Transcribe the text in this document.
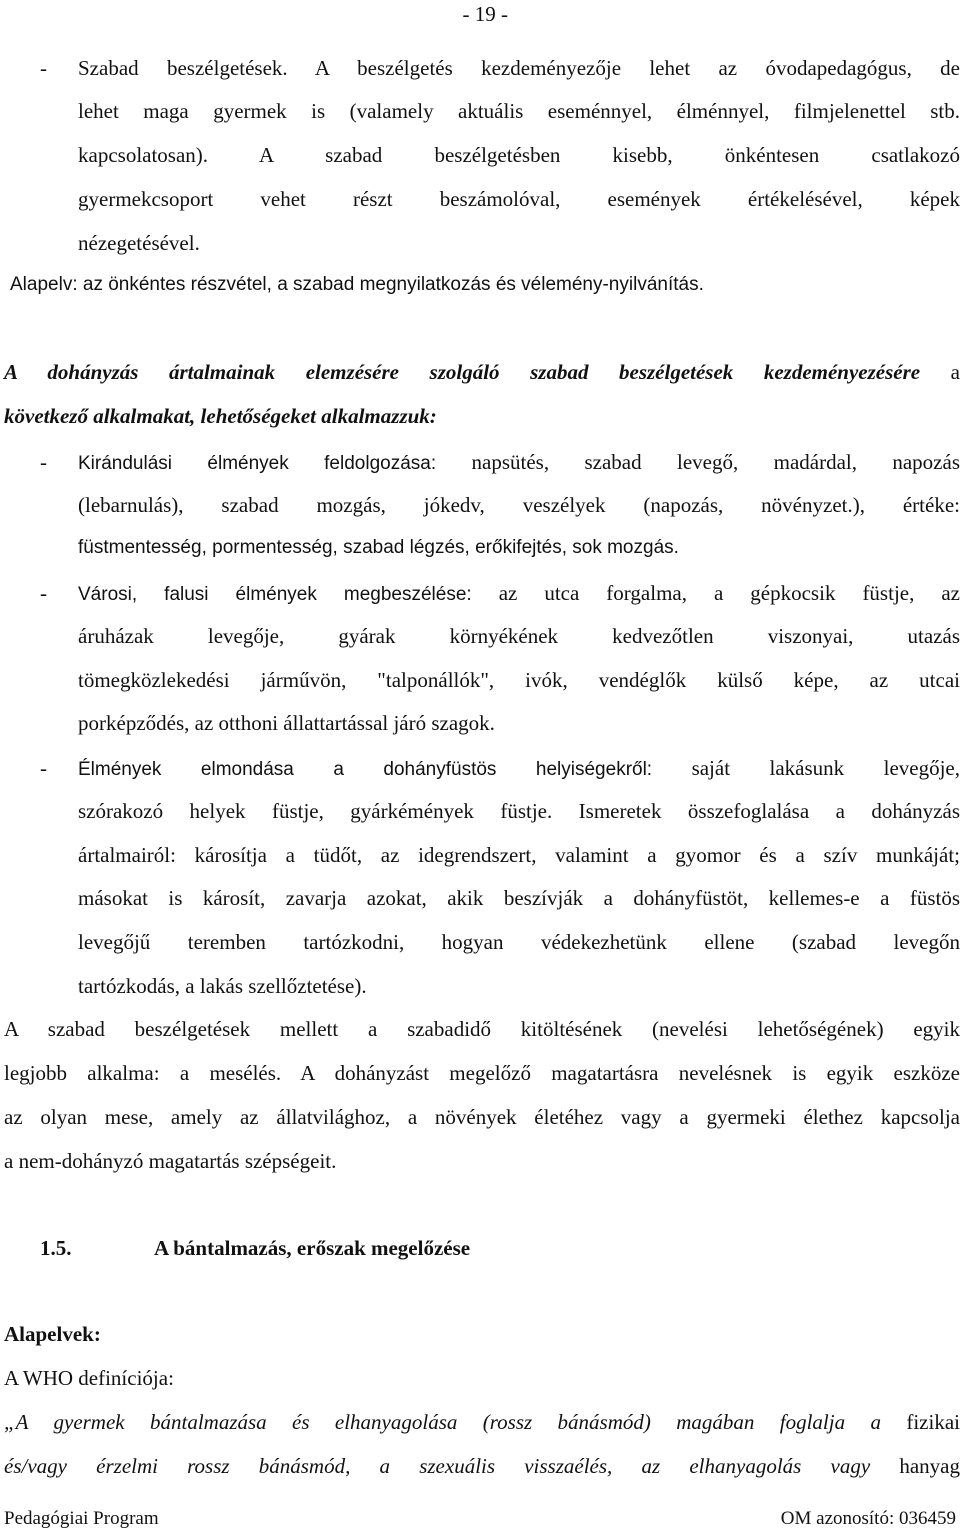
- 19 -
- Szabad beszélgetések. A beszélgetés kezdeményezője lehet az óvodapedagógus, de
lehet maga gyermek is (valamely aktuális eseménnyel, élménnyel, filmjelenettel stb.
kapcsolatosan). A szabad beszélgetésben kisebb, önkéntesen csatlakozó
gyermekcsoport vehet részt beszámolóval, események értékelésével, képek
nézegetésével.
Alapelv: az önkéntes részvétel, a szabad megnyilatkozás és vélemény-nyilvánítás.
A dohányzás ártalmainak elemzésére szolgáló szabad beszélgetések kezdeményezésére a
következő alkalmakat, lehetőségeket alkalmazzuk:
- Kirándulási élmények feldolgozása: napsütés, szabad levegő, madárdal, napozás
(lebarnulás), szabad mozgás, jókedv, veszélyek (napozás, növényzet.), értéke:
füstmentesség, pormentesség, szabad légzés, erőkifejtés, sok mozgás.
- Városi, falusi élmények megbeszélése: az utca forgalma, a gépkocsik füstje, az
áruházak levegője, gyárak környékének kedvezőtlen viszonyai, utazás
tömegközlekedési járművön, "talponállók", ivók, vendéglők külső képe, az utcai
porképződés, az otthoni állattartással járó szagok.
- Élmények elmondása a dohányfüstös helyiségekről: saját lakásunk levegője,
szórakozó helyek füstje, gyárkémények füstje. Ismeretek összefoglalása a dohányzás
ártalmairól: károsítja a tüdőt, az idegrendszert, valamint a gyomor és a szív munkáját;
másokat is károsít, zavarja azokat, akik beszívják a dohányfüstöt, kellemes-e a füstös
levegőjű teremben tartózkodni, hogyan védekezhetünk ellene (szabad levegőn
tartózkodás, a lakás szellőztetése).
A szabad beszélgetések mellett a szabadidő kitöltésének (nevelési lehetőségének) egyik
legjobb alkalma: a mesélés. A dohányzást megelőző magatartásra nevelésnek is egyik eszköze
az olyan mese, amely az állatvilághoz, a növények életéhez vagy a gyermeki élethez kapcsolja
a nem-dohányzó magatartás szépségeit.
1.5.	A bántalmazás, erőszak megelőzése
Alapelvek:
A WHO definíciója:
„A gyermek bántalmazása és elhanyagolása (rossz bánásmód) magában foglalja a fizikai
és/vagy érzelmi rossz bánásmód, a szexuális visszaélés, az elhanyagolás vagy hanyag
Pedagógiai Program	OM azonosító: 036459
